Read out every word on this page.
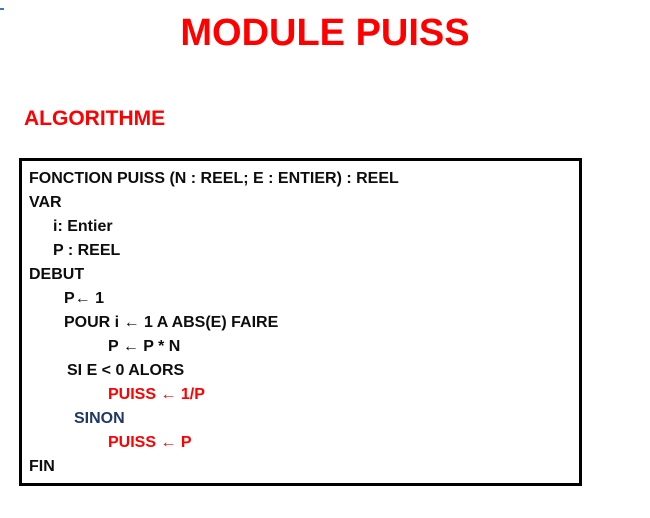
MODULE PUISS
ALGORITHME
FONCTION PUISS (N : REEL; E : ENTIER) : REEL
VAR
i: Entier
P : REEL
DEBUT
P← 1
POUR i ← 1 A ABS(E) FAIRE
P ← P * N
SI E < 0 ALORS
PUISS ← 1/P
SINON
PUISS ← P
FIN
